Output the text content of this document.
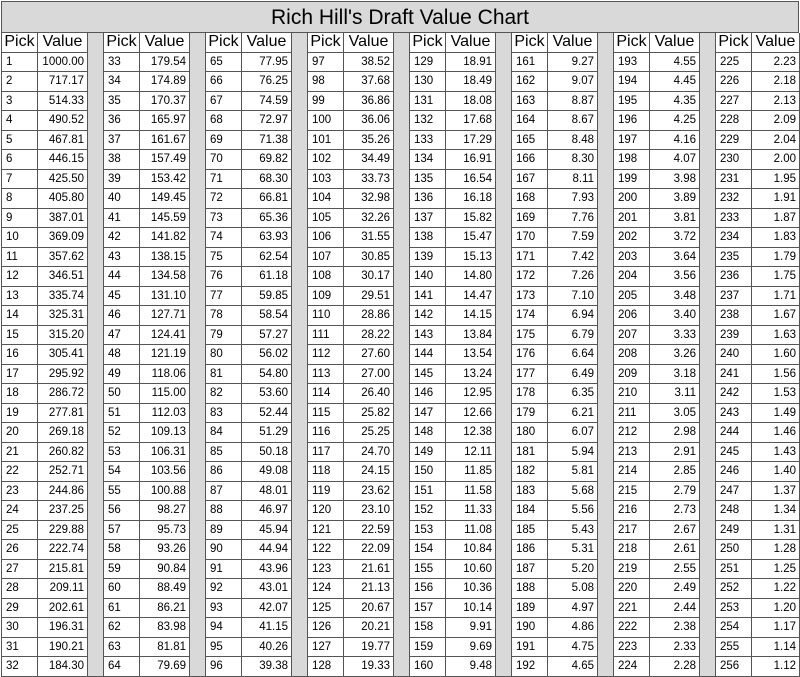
Rich Hill's Draft Value Chart
Pick Value	Pick Value	Pick Value	Pick Value	Pick Value	Pick Value	Pick Value	Pick Value
1	1000.00	33	179.54	65	77.95	97	38.52	129	18.91	161	9.27	193	4.55	225	2.23
2	717.17	34	174.89	66	76.25	98	37.68	130	18.49	162	9.07	194	4.45	226	2.18
3	514.33	35	170.37	67	74.59	99	36.86	131	18.08	163	8.87	195	4.35	227	2.13
4	490.52	36	165.97	68	72.97	100	36.06	132	17.68	164	8.67	196	4.25	228	2.09
5	467.81	37	161.67	69	71.38	101	35.26	133	17.29	165	8.48	197	4.16	229	2.04
6	446.15	38	157.49	70	69.82	102	34.49	134	16.91	166	8.30	198	4.07	230	2.00
7	425.50	39	153.42	71	68.30	103	33.73	135	16.54	167	8.11	199	3.98	231	1.95
8	405.80	40	149.45	72	66.81	104	32.98	136	16.18	168	7.93	200	3.89	232	1.91
9	387.01	41	145.59	73	65.36	105	32.26	137	15.82	169	7.76	201	3.81	233	1.87
10	369.09	42	141.82	74	63.93	106	31.55	138	15.47	170	7.59	202	3.72	234	1.83
11	357.62	43	138.15	75	62.54	107	30.85	139	15.13	171	7.42	203	3.64	235	1.79
12	346.51	44	134.58	76	61.18	108	30.17	140	14.80	172	7.26	204	3.56	236	1.75
13	335.74	45	131.10	77	59.85	109	29.51	141	14.47	173	7.10	205	3.48	237	1.71
14	325.31	46	127.71	78	58.54	110	28.86	142	14.15	174	6.94	206	3.40	238	1.67
15	315.20	47	124.41	79	57.27	111	28.22	143	13.84	175	6.79	207	3.33	239	1.63
16	305.41	48	121.19	80	56.02	112	27.60	144	13.54	176	6.64	208	3.26	240	1.60
17	295.92	49	118.06	81	54.80	113	27.00	145	13.24	177	6.49	209	3.18	241	1.56
18	286.72	50	115.00	82	53.60	114	26.40	146	12.95	178	6.35	210	3.11	242	1.53
19	277.81	51	112.03	83	52.44	115	25.82	147	12.66	179	6.21	211	3.05	243	1.49
20	269.18	52	109.13	84	51.29	116	25.25	148	12.38	180	6.07	212	2.98	244	1.46
21	260.82	53	106.31	85	50.18	117	24.70	149	12.11	181	5.94	213	2.91	245	1.43
22	252.71	54	103.56	86	49.08	118	24.15	150	11.85	182	5.81	214	2.85	246	1.40
23	244.86	55	100.88	87	48.01	119	23.62	151	11.58	183	5.68	215	2.79	247	1.37
24	237.25	56	98.27	88	46.97	120	23.10	152	11.33	184	5.56	216	2.73	248	1.34
25	229.88	57	95.73	89	45.94	121	22.59	153	11.08	185	5.43	217	2.67	249	1.31
26	222.74	58	93.26	90	44.94	122	22.09	154	10.84	186	5.31	218	2.61	250	1.28
27	215.81	59	90.84	91	43.96	123	21.61	155	10.60	187	5.20	219	2.55	251	1.25
28	209.11	60	88.49	92	43.01	124	21.13	156	10.36	188	5.08	220	2.49	252	1.22
29	202.61	61	86.21	93	42.07	125	20.67	157	10.14	189	4.97	221	2.44	253	1.20
30	196.31	62	83.98	94	41.15	126	20.21	158	9.91	190	4.86	222	2.38	254	1.17
31	190.21	63	81.81	95	40.26	127	19.77	159	9.69	191	4.75	223	2.33	255	1.14
32	184.30	64	79.69	96	39.38	128	19.33	160	9.48	192	4.65	224	2.28	256	1.12
